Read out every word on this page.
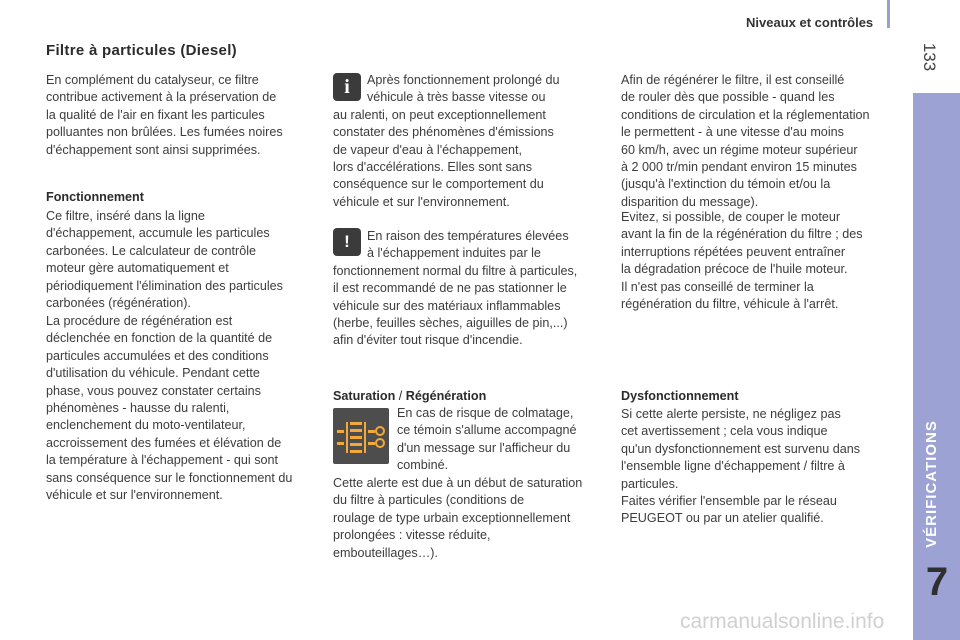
Niveaux et contrôles
133
VÉRIFICATIONS
7
Filtre à particules (Diesel)
En complément du catalyseur, ce filtre
contribue activement à la préservation de
la qualité de l'air en fixant les particules
polluantes non brûlées. Les fumées noires
d'échappement sont ainsi supprimées.
Fonctionnement
Ce filtre, inséré dans la ligne
d'échappement, accumule les particules
carbonées. Le calculateur de contrôle
moteur gère automatiquement et
périodiquement l'élimination des particules
carbonées (régénération).
La procédure de régénération est
déclenchée en fonction de la quantité de
particules accumulées et des conditions
d'utilisation du véhicule. Pendant cette
phase, vous pouvez constater certains
phénomènes - hausse du ralenti,
enclenchement du moto-ventilateur,
accroissement des fumées et élévation de
la température à l'échappement - qui sont
sans conséquence sur le fonctionnement du
véhicule et sur l'environnement.
i	Après fonctionnement prolongé du
véhicule à très basse vitesse ou
au ralenti, on peut exceptionnellement
constater des phénomènes d'émissions
de vapeur d'eau à l'échappement,
lors d'accélérations. Elles sont sans
conséquence sur le comportement du
véhicule et sur l'environnement.
!	En raison des températures élevées
à l'échappement induites par le
fonctionnement normal du filtre à particules,
il est recommandé de ne pas stationner le
véhicule sur des matériaux inflammables
(herbe, feuilles sèches, aiguilles de pin,...)
afin d'éviter tout risque d'incendie.
Saturation / Régénération
En cas de risque de colmatage,
ce témoin s'allume accompagné
d'un message sur l'afficheur du
combiné.
Cette alerte est due à un début de saturation
du filtre à particules (conditions de
roulage de type urbain exceptionnellement
prolongées : vitesse réduite,
embouteillages…).
Afin de régénérer le filtre, il est conseillé
de rouler dès que possible - quand les
conditions de circulation et la réglementation
le permettent - à une vitesse d'au moins
60 km/h, avec un régime moteur supérieur
à 2 000 tr/min pendant environ 15 minutes
(jusqu'à l'extinction du témoin et/ou la
disparition du message).
Evitez, si possible, de couper le moteur
avant la fin de la régénération du filtre ; des
interruptions répétées peuvent entraîner
la dégradation précoce de l'huile moteur.
Il n'est pas conseillé de terminer la
régénération du filtre, véhicule à l'arrêt.
Dysfonctionnement
Si cette alerte persiste, ne négligez pas
cet avertissement ; cela vous indique
qu'un dysfonctionnement est survenu dans
l'ensemble ligne d'échappement / filtre à
particules.
Faites vérifier l'ensemble par le réseau
PEUGEOT ou par un atelier qualifié.
carmanualsonline.info
